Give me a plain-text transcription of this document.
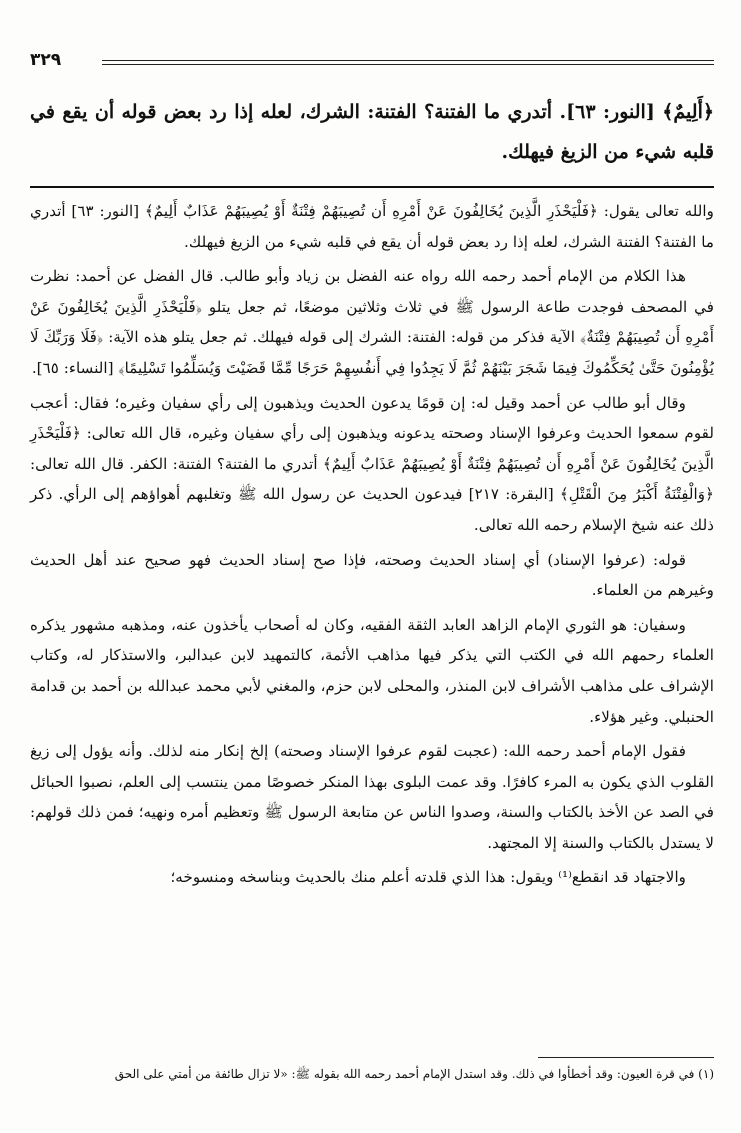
٣٢٩
﴿أَلِيمٌ﴾ [النور: ٦٣]. أتدري ما الفتنة؟ الفتنة: الشرك، لعله إذا رد بعض قوله أن يقع في قلبه شيء من الزيغ فيهلك.

والله تعالى يقول: ﴿فَلْيَحْذَرِ الَّذِينَ يُخَالِفُونَ عَنْ أَمْرِهِ أَن تُصِيبَهُمْ فِتْنَةٌ أَوْ يُصِيبَهُمْ عَذَابٌ أَلِيمٌ﴾ [النور: ٦٣] أتدري ما الفتنة؟ الفتنة الشرك، لعله إذا رد بعض قوله أن يقع في قلبه شيء من الزيغ فيهلك.

هذا الكلام من الإمام أحمد رحمه الله رواه عنه الفضل بن زياد وأبو طالب. قال الفضل عن أحمد: نظرت في المصحف فوجدت طاعة الرسول ﷺ في ثلاث وثلاثين موضعًا، ثم جعل يتلو ﴿فَلْيَحْذَرِ الَّذِينَ يُخَالِفُونَ عَنْ أَمْرِهِ أَن تُصِيبَهُمْ فِتْنَةٌ﴾ الآية فذكر من قوله: الفتنة: الشرك إلى قوله فيهلك. ثم جعل يتلو هذه الآية: ﴿فَلَا وَرَبِّكَ لَا يُؤْمِنُونَ حَتَّىٰ يُحَكِّمُوكَ فِيمَا شَجَرَ بَيْنَهُمْ ثُمَّ لَا يَجِدُوا فِي أَنفُسِهِمْ حَرَجًا مِّمَّا قَضَيْتَ وَيُسَلِّمُوا تَسْلِيمًا﴾ [النساء: ٦٥].

وقال أبو طالب عن أحمد وقيل له: إن قومًا يدعون الحديث ويذهبون إلى رأي سفيان وغيره؛ فقال: أعجب لقوم سمعوا الحديث وعرفوا الإسناد وصحته يدعونه ويذهبون إلى رأي سفيان وغيره، قال الله تعالى: ﴿فَلْيَحْذَرِ الَّذِينَ يُخَالِفُونَ عَنْ أَمْرِهِ أَن تُصِيبَهُمْ فِتْنَةٌ أَوْ يُصِيبَهُمْ عَذَابٌ أَلِيمٌ﴾ أتدري ما الفتنة؟ الفتنة: الكفر. قال الله تعالى: ﴿وَالْفِتْنَةُ أَكْبَرُ مِنَ الْقَتْلِ﴾ [البقرة: ٢١٧] فيدعون الحديث عن رسول الله ﷺ وتغلبهم أهواؤهم إلى الرأي. ذكر ذلك عنه شيخ الإسلام رحمه الله تعالى.

قوله: (عرفوا الإسناد) أي إسناد الحديث وصحته، فإذا صح إسناد الحديث فهو صحيح عند أهل الحديث وغيرهم من العلماء.

وسفيان: هو الثوري الإمام الزاهد العابد الثقة الفقيه، وكان له أصحاب يأخذون عنه، ومذهبه مشهور يذكره العلماء رحمهم الله في الكتب التي يذكر فيها مذاهب الأئمة، كالتمهيد لابن عبدالبر، والاستذكار له، وكتاب الإشراف على مذاهب الأشراف لابن المنذر، والمحلى لابن حزم، والمغني لأبي محمد عبدالله بن أحمد بن قدامة الحنبلي. وغير هؤلاء.

فقول الإمام أحمد رحمه الله: (عجبت لقوم عرفوا الإسناد وصحته) إلخ إنكار منه لذلك. وأنه يؤول إلى زيغ القلوب الذي يكون به المرء كافرًا. وقد عمت البلوى بهذا المنكر خصوصًا ممن ينتسب إلى العلم، نصبوا الحبائل في الصد عن الأخذ بالكتاب والسنة، وصدوا الناس عن متابعة الرسول ﷺ وتعظيم أمره ونهيه؛ فمن ذلك قولهم: لا يستدل بالكتاب والسنة إلا المجتهد.

والاجتهاد قد انقطع⁽¹⁾ ويقول: هذا الذي قلدته أعلم منك بالحديث وبناسخه ومنسوخه؛

(١) في قرة العيون: وقد أخطأوا في ذلك. وقد استدل الإمام أحمد رحمه الله بقوله ﷺ: «لا تزال طائفة من أمتي على الحق
